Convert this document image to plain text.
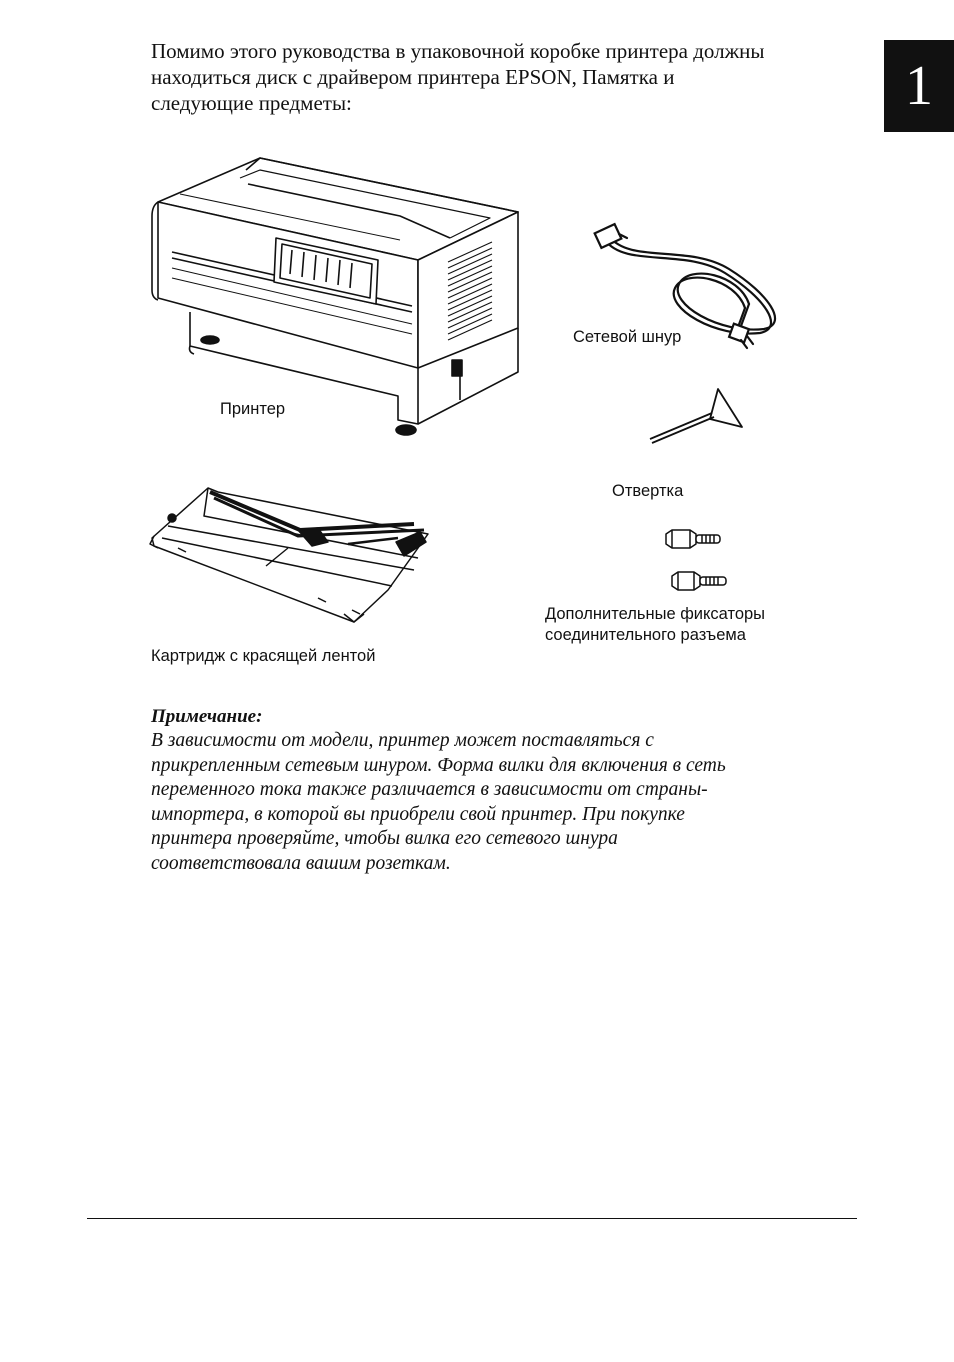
Помимо этого руководства в упаковочной коробке принтера должны
находиться диск с драйвером принтера EPSON, Памятка и
следующие предметы:	1
Принтер
Сетевой шнур
Отвертка
Картридж с красящей лентой
Дополнительные фиксаторы
соединительного разъема

Примечание:

В зависимости от модели, принтер может поставляться с
прикрепленным сетевым шнуром. Форма вилки для включения в сеть
переменного тока также различается в зависимости от страны-
импортера, в которой вы приобрели свой принтер. При покупке
принтера проверяйте, чтобы вилка его сетевого шнура
соответствовала вашим розеткам.
